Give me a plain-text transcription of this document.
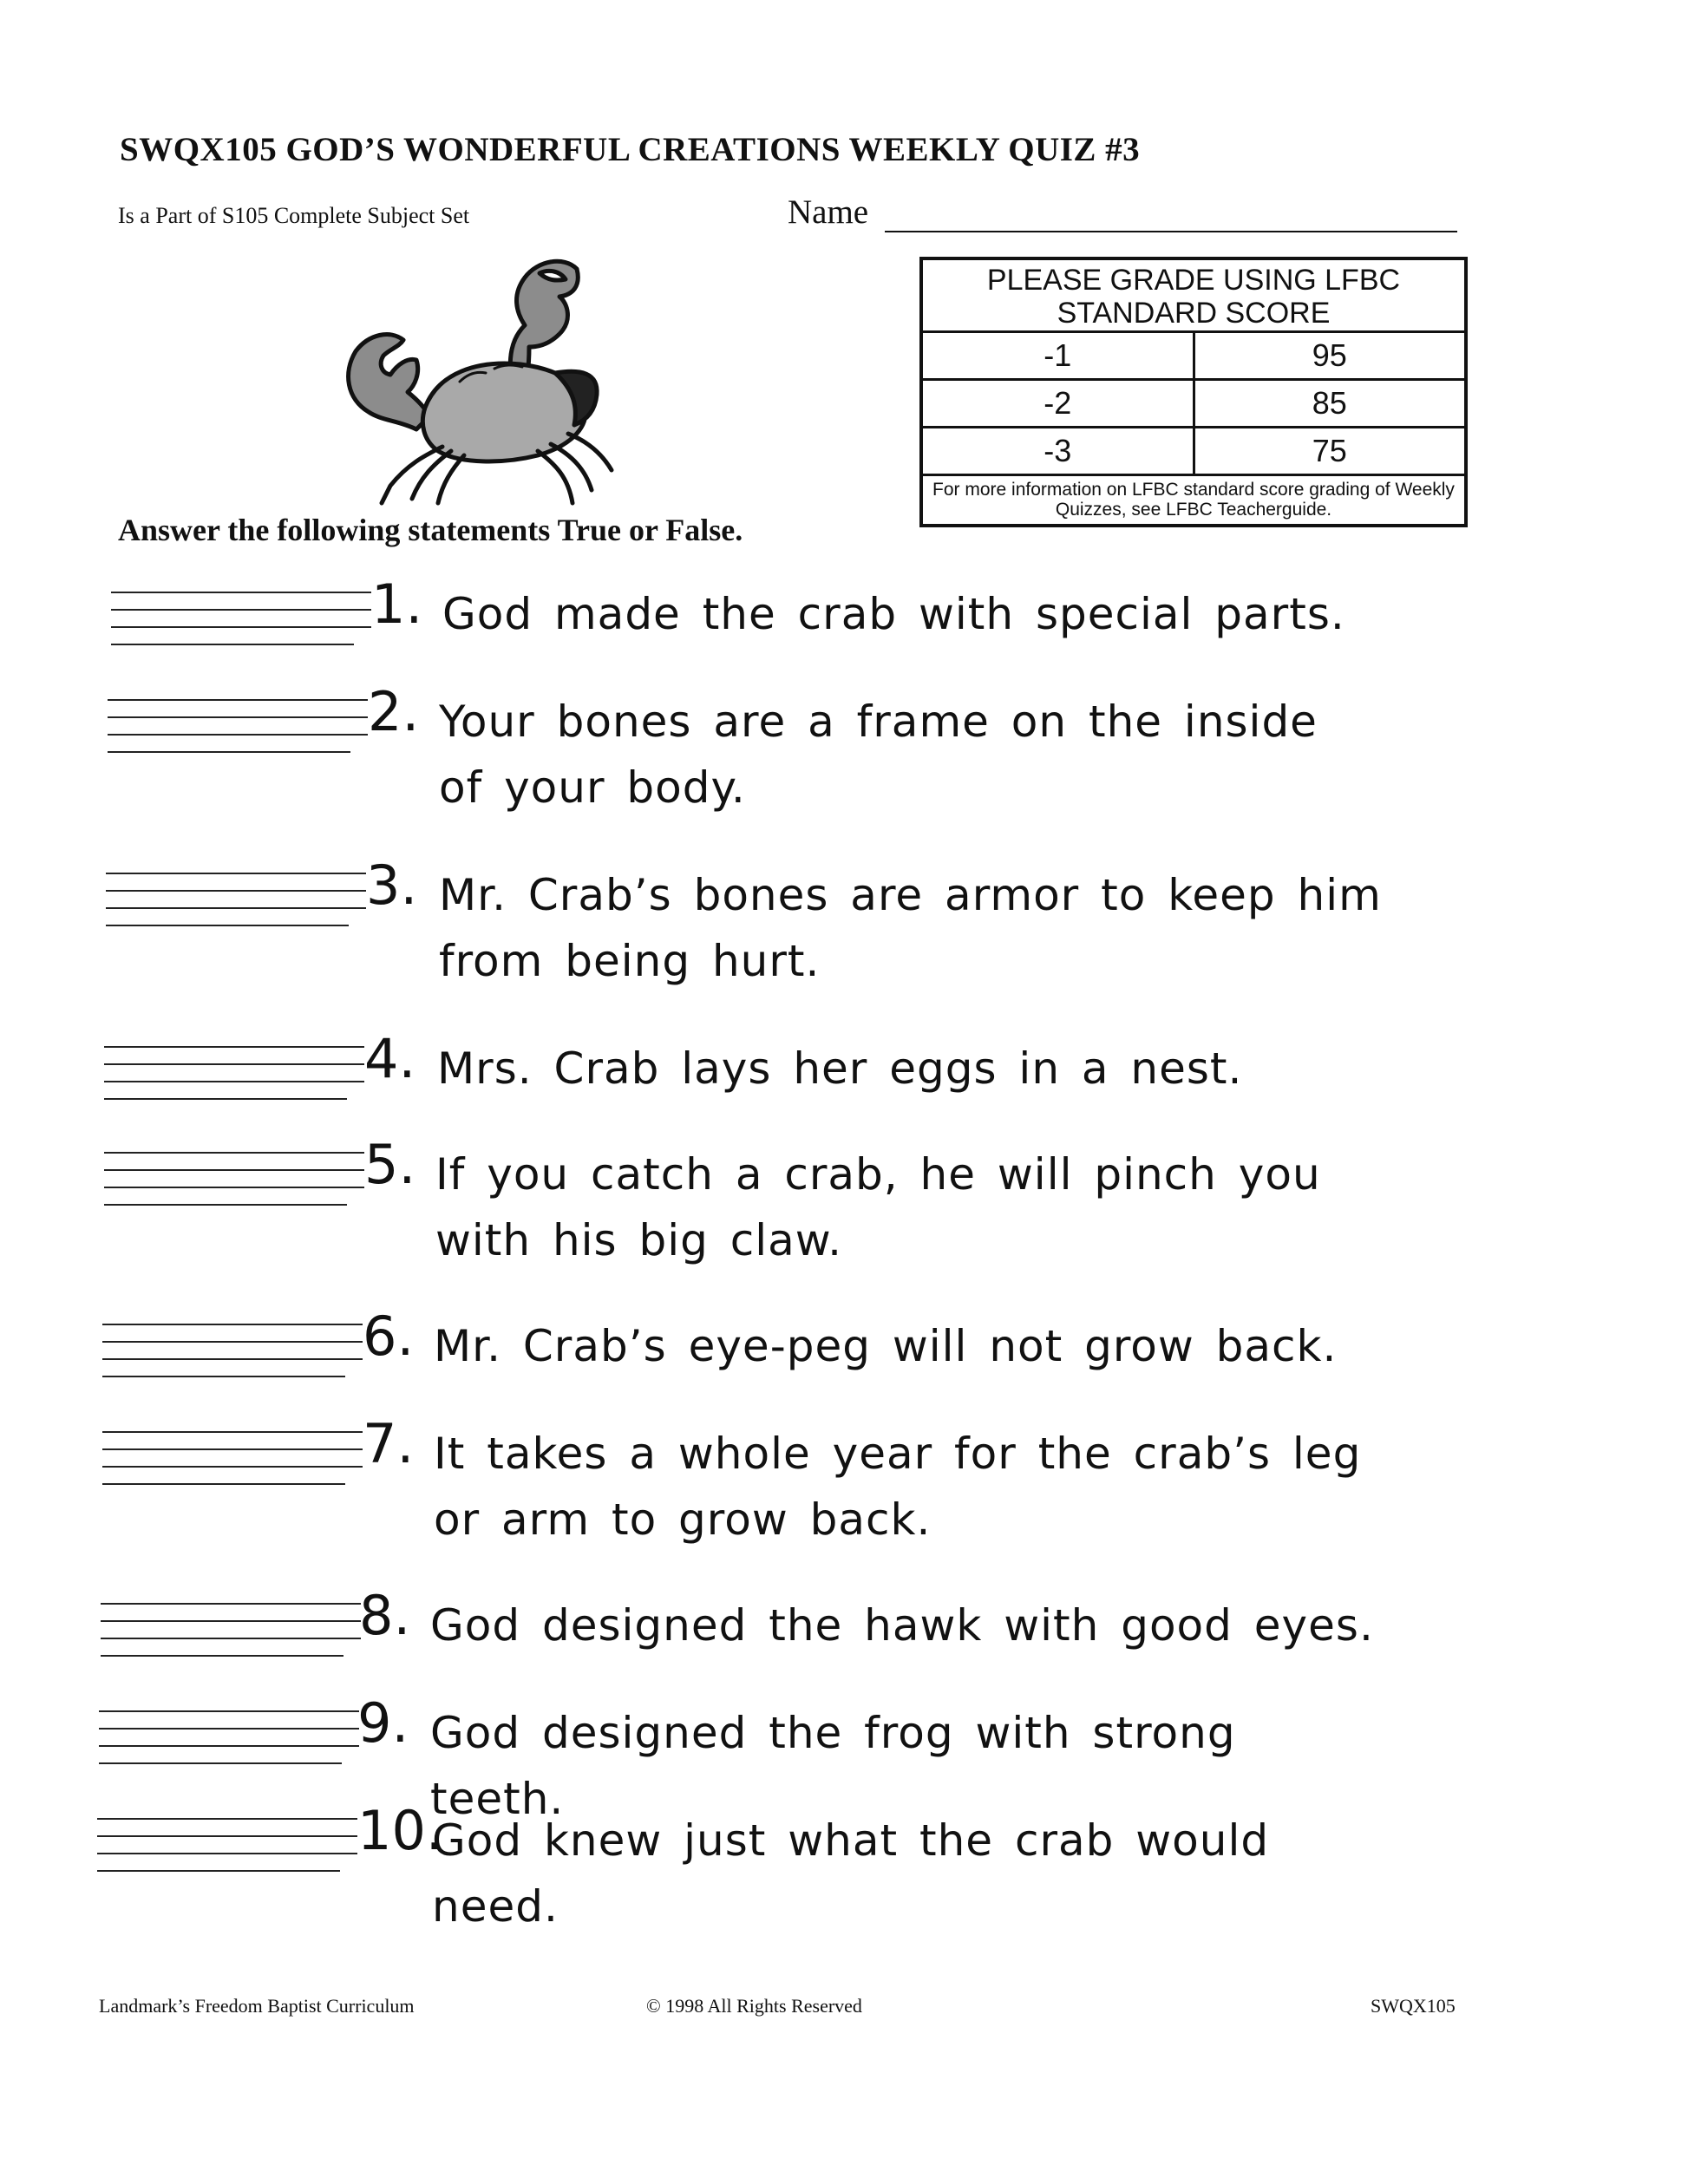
SWQX105 GOD’S WONDERFUL CREATIONS WEEKLY QUIZ #3
Is a Part of S105 Complete Subject Set	Name
PLEASE GRADE USING LFBC STANDARD SCORE
-1	95
-2	85
-3	75
For more information on LFBC standard score grading of Weekly Quizzes, see LFBC Teacherguide.
Answer the following statements True or False.
1. God made the crab with special parts.
2. Your bones are a frame on the inside of your body.
3. Mr. Crab’s bones are armor to keep him from being hurt.
4. Mrs. Crab lays her eggs in a nest.
5. If you catch a crab, he will pinch you with his big claw.
6. Mr. Crab’s eye-peg will not grow back.
7. It takes a whole year for the crab’s leg or arm to grow back.
8. God designed the hawk with good eyes.
9. God designed the frog with strong teeth.
10.
God knew just what the crab would need.
Landmark’s Freedom Baptist Curriculum	© 1998 All Rights Reserved	SWQX105
